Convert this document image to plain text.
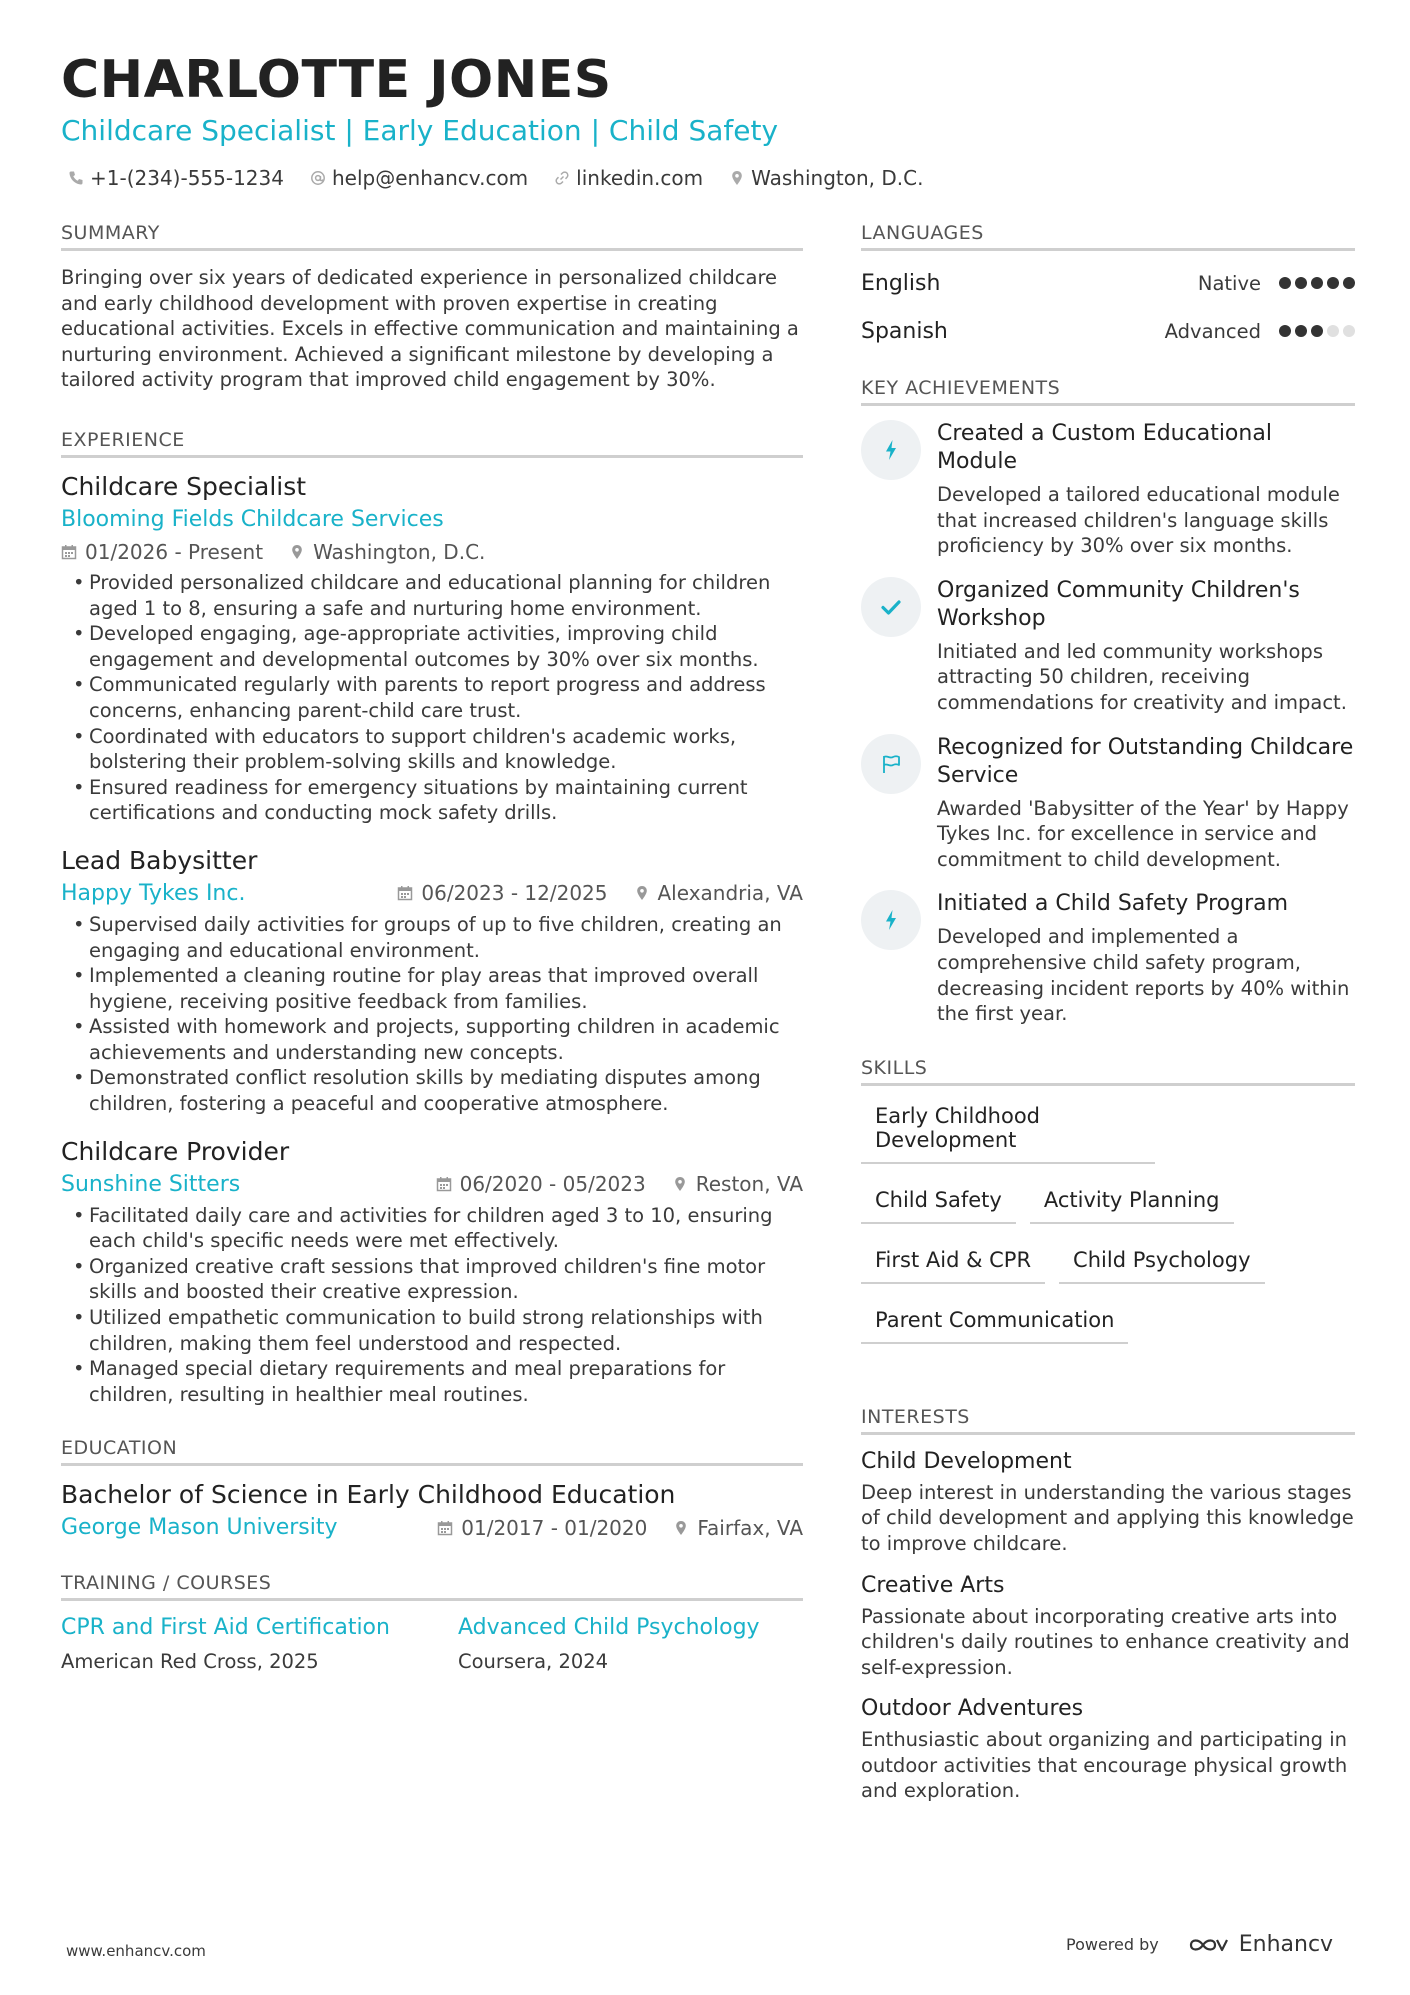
CHARLOTTE JONES
Childcare Specialist | Early Education | Child Safety
+1-(234)-555-1234 help@enhancv.com linkedin.com Washington, D.C.
SUMMARY
Bringing over six years of dedicated experience in personalized childcare and early childhood development with proven expertise in creating educational activities. Excels in effective communication and maintaining a nurturing environment. Achieved a significant milestone by developing a tailored activity program that improved child engagement by 30%.
EXPERIENCE
Childcare Specialist
Blooming Fields Childcare Services
01/2026 - Present	Washington, D.C.
• Provided personalized childcare and educational planning for children aged 1 to 8, ensuring a safe and nurturing home environment.
• Developed engaging, age-appropriate activities, improving child engagement and developmental outcomes by 30% over six months.
• Communicated regularly with parents to report progress and address concerns, enhancing parent-child care trust.
• Coordinated with educators to support children's academic works, bolstering their problem-solving skills and knowledge.
• Ensured readiness for emergency situations by maintaining current certifications and conducting mock safety drills.
Lead Babysitter
Happy Tykes Inc.	06/2023 - 12/2025	Alexandria, VA
• Supervised daily activities for groups of up to five children, creating an engaging and educational environment.
• Implemented a cleaning routine for play areas that improved overall hygiene, receiving positive feedback from families.
• Assisted with homework and projects, supporting children in academic achievements and understanding new concepts.
• Demonstrated conflict resolution skills by mediating disputes among children, fostering a peaceful and cooperative atmosphere.
Childcare Provider
Sunshine Sitters	06/2020 - 05/2023	Reston, VA
• Facilitated daily care and activities for children aged 3 to 10, ensuring each child's specific needs were met effectively.
• Organized creative craft sessions that improved children's fine motor skills and boosted their creative expression.
• Utilized empathetic communication to build strong relationships with children, making them feel understood and respected.
• Managed special dietary requirements and meal preparations for children, resulting in healthier meal routines.
EDUCATION
Bachelor of Science in Early Childhood Education
George Mason University	01/2017 - 01/2020	Fairfax, VA
TRAINING / COURSES
CPR and First Aid Certification
American Red Cross, 2025
Advanced Child Psychology
Coursera, 2024
LANGUAGES
English	Native
Spanish	Advanced
KEY ACHIEVEMENTS
Created a Custom Educational Module
Developed a tailored educational module that increased children's language skills proficiency by 30% over six months.
Organized Community Children's Workshop
Initiated and led community workshops attracting 50 children, receiving commendations for creativity and impact.
Recognized for Outstanding Childcare Service
Awarded 'Babysitter of the Year' by Happy Tykes Inc. for excellence in service and commitment to child development.
Initiated a Child Safety Program
Developed and implemented a comprehensive child safety program, decreasing incident reports by 40% within the first year.
SKILLS
Early Childhood Development
Child Safety	Activity Planning
First Aid & CPR	Child Psychology
Parent Communication
INTERESTS
Child Development
Deep interest in understanding the various stages of child development and applying this knowledge to improve childcare.
Creative Arts
Passionate about incorporating creative arts into children's daily routines to enhance creativity and self-expression.
Outdoor Adventures
Enthusiastic about organizing and participating in outdoor activities that encourage physical growth and exploration.
www.enhancv.com	Powered by	Enhancv
